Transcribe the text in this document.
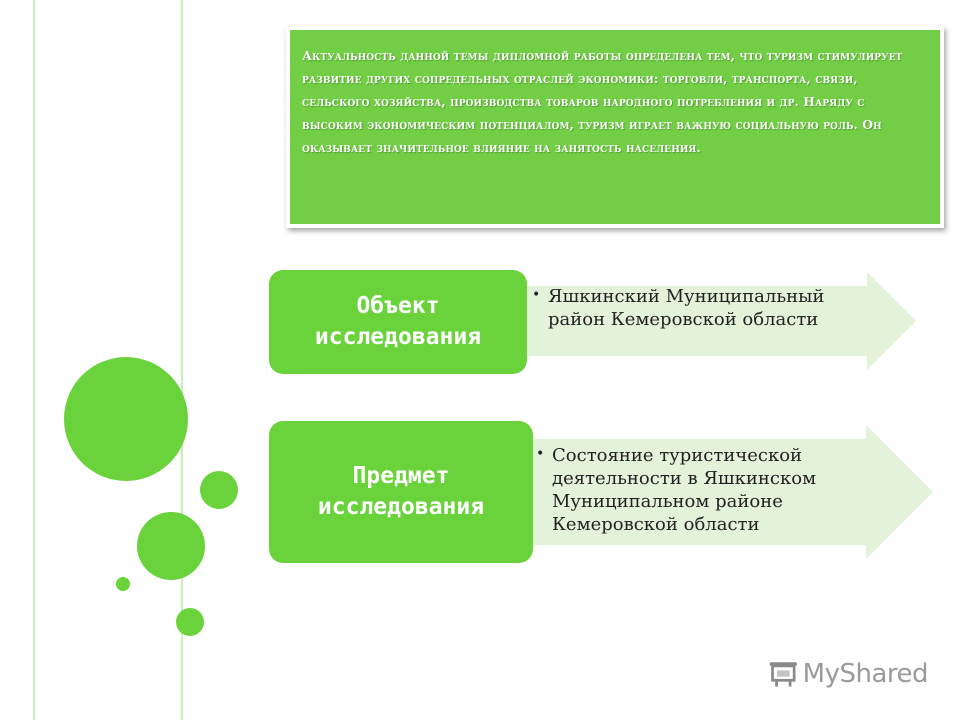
Актуальность данной темы дипломной работы определена тем, что туризм стимулирует развитие других сопредельных отраслей экономики: торговли, транспорта, связи, сельского хозяйства, производства товаров народного потребления и др. Наряду с высоким экономическим потенциалом, туризм играет важную социальную роль. Он оказывает значительное влияние на занятость населения.
• Яшкинский Муниципальный район Кемеровской области
Объект исследования
• Состояние туристической деятельности в Яшкинском Муниципальном районе Кемеровской области
Предмет исследования
MyShared
